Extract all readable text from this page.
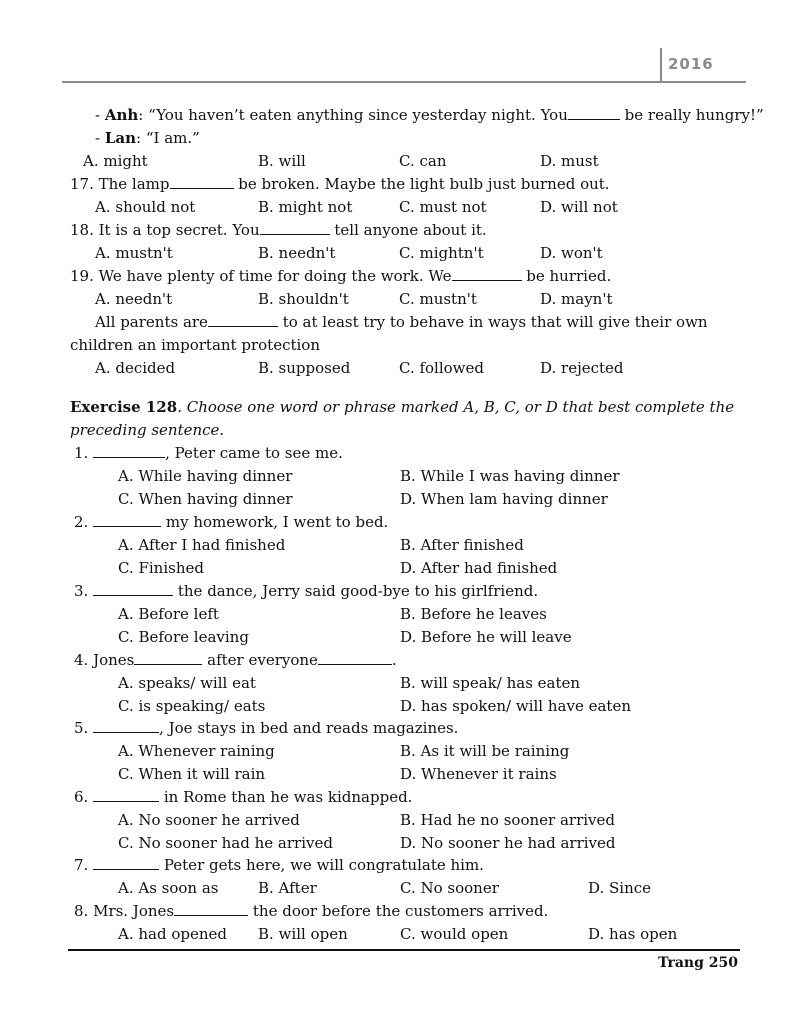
2016
- Anh: “You haven’t eaten anything since yesterday night. You	be really hungry!”
- Lan: “I am.”
A. might	B. will	C. can	D. must
17. The lamp	be broken. Maybe the light bulb just burned out.
A. should not	B. might not	C. must not	D. will not
18. It is a top secret. You	tell anyone about it.
A. mustn't	B. needn't	C. mightn't	D. won't
19. We have plenty of time for doing the work. We	be hurried.
A. needn't	B. shouldn't	C. mustn't	D. mayn't
All parents are	to at least try to behave in ways that will give their own
children an important protection
A. decided	B. supposed	C. followed	D. rejected
Exercise 128. Choose one word or phrase marked A, B, C, or D that best complete the
preceding sentence.
1.	, Peter came to see me.
A. While having dinner	B. While I was having dinner
C. When having dinner	D. When lam having dinner
2.	my homework, I went to bed.
A. After I had finished	B. After finished
C. Finished	D. After had finished
3.	the dance, Jerry said good-bye to his girlfriend.
A. Before left	B. Before he leaves
C. Before leaving	D. Before he will leave
4. Jones	after everyone	.
A. speaks/ will eat	B. will speak/ has eaten
C. is speaking/ eats	D. has spoken/ will have eaten
5.	, Joe stays in bed and reads magazines.
A. Whenever raining	B. As it will be raining
C. When it will rain	D. Whenever it rains
6.	in Rome than he was kidnapped.
A. No sooner he arrived	B. Had he no sooner arrived
C. No sooner had he arrived	D. No sooner he had arrived
7.	Peter gets here, we will congratulate him.
A. As soon as	B. After	C. No sooner	D. Since
8. Mrs. Jones	the door before the customers arrived.
A. had opened B. will open	C. would open	D. has open
Trang 250
